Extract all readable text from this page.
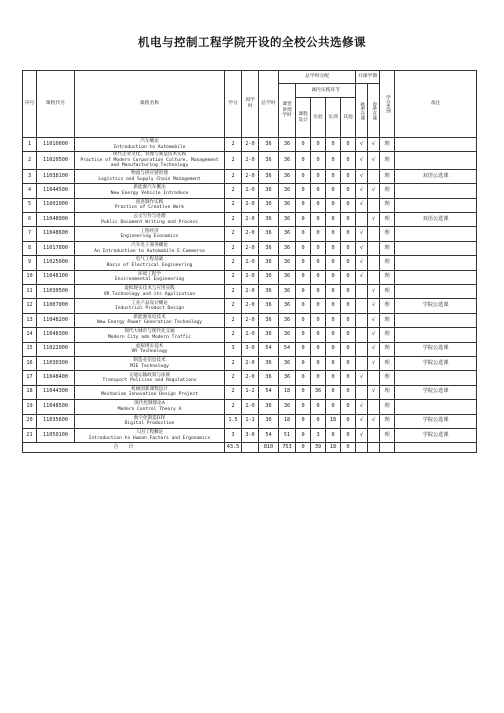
机电与控制工程学院开设的全校公共选修课
序号	课程代号	课程名称	学分	周学时	总学时	总学时分配					开课学期		学分类别	备注
						课堂讲授学时	课内实践环节				秋季开课	春季开课		

							课程设计	实验	实训	其他				
1	11010000	汽车概论
Introduction to Automobile	2	2-0	36	36	0	0	0	0	√	√	理	
2	11020500	现代企业文化、管理与制造技术实践
Practice of Modern Corporation Culture, Management and Manufacturing Technology	2	2-0	36	36	0	0	0	0	√	√	理	
3	11038100	物流与供应链管理
Logistics and Supply Chain Management	2	2-0	36	36	0	0	0	0	√		理	双语公选课
4	11044500	新能源汽车概论
New Energy Vehicle Introduce	2	2-0	36	36	0	0	0	0	√	√	理	
5	11002000	创意制作实践
Practice of Creative Work	2	2-0	36	36	0	0	0	0	√		理	
6	11048000	公文写作与处理
Public Document Writing and Process	2	2-0	36	36	0	0	0	0		√	理	双语公选课
7	11048600	工程经济
Engineering Economics	2	2-0	36	36	0	0	0	0	√		理	
8	11017800	汽车电子商务概论
An Introduction to Automobile E-Commerce	2	2-0	36	36	0	0	0	0	√		理	
9	11025000	电气工程基础
Basis of Electrical Engineering	2	2-0	36	36	0	0	0	0	√		理	
10	11048100	环境工程学
Environmental Engineering	2	2-0	36	36	0	0	0	0	√		理	
11	11030500	虚拟现实技术与应用实践
VR Technology and its Application	2	2-0	36	36	0	0	0	0		√	理	
12	11007000	工业产品设计概论
Industrial Product Design	2	2-0	36	36	0	0	0	0		√	理	学院公选课
13	11048200	新能源发电技术
New Energy Power Generation Technology	2	2-0	36	36	0	0	0	0		√	理	
14	11048300	现代大城市与现代化交通
Modern City adn Modern Traffic	2	2-0	36	36	0	0	0	0		√	理	
15	11022000	虚拟现实技术
VR Technology	3	3-0	54	54	0	0	0	0		√	理	学院公选课
16	11030300	制造业信息技术
MIE Technology	2	2-0	36	36	0	0	0	0		√	理	学院公选课
17	11048400	交通运输政策与法规
Transport Policies and Regulations	2	2-0	36	36	0	0	0	0	√		理	
18	11044300	机械创新课程设计
Mechanism Innovation Design Project	2	1-2	54	18	0	36	0	0		√	理	学院公选课
19	11048500	现代控制理论A
Modern Control Theory A	2	2-0	36	36	0	0	0	0	√		理	
20	11035600	数字化制造DIY
Digital Production	1.5	1-1	36	18	0	0	18	0	√	√	理	学院公选课
21	11050100	人因工程概论
Introduction to Human Factors and Ergonomics	3	3-0	54	51	0	3	0	0	√		理	学院公选课
合　　计			43.5		810	753	0	39	18	0				
